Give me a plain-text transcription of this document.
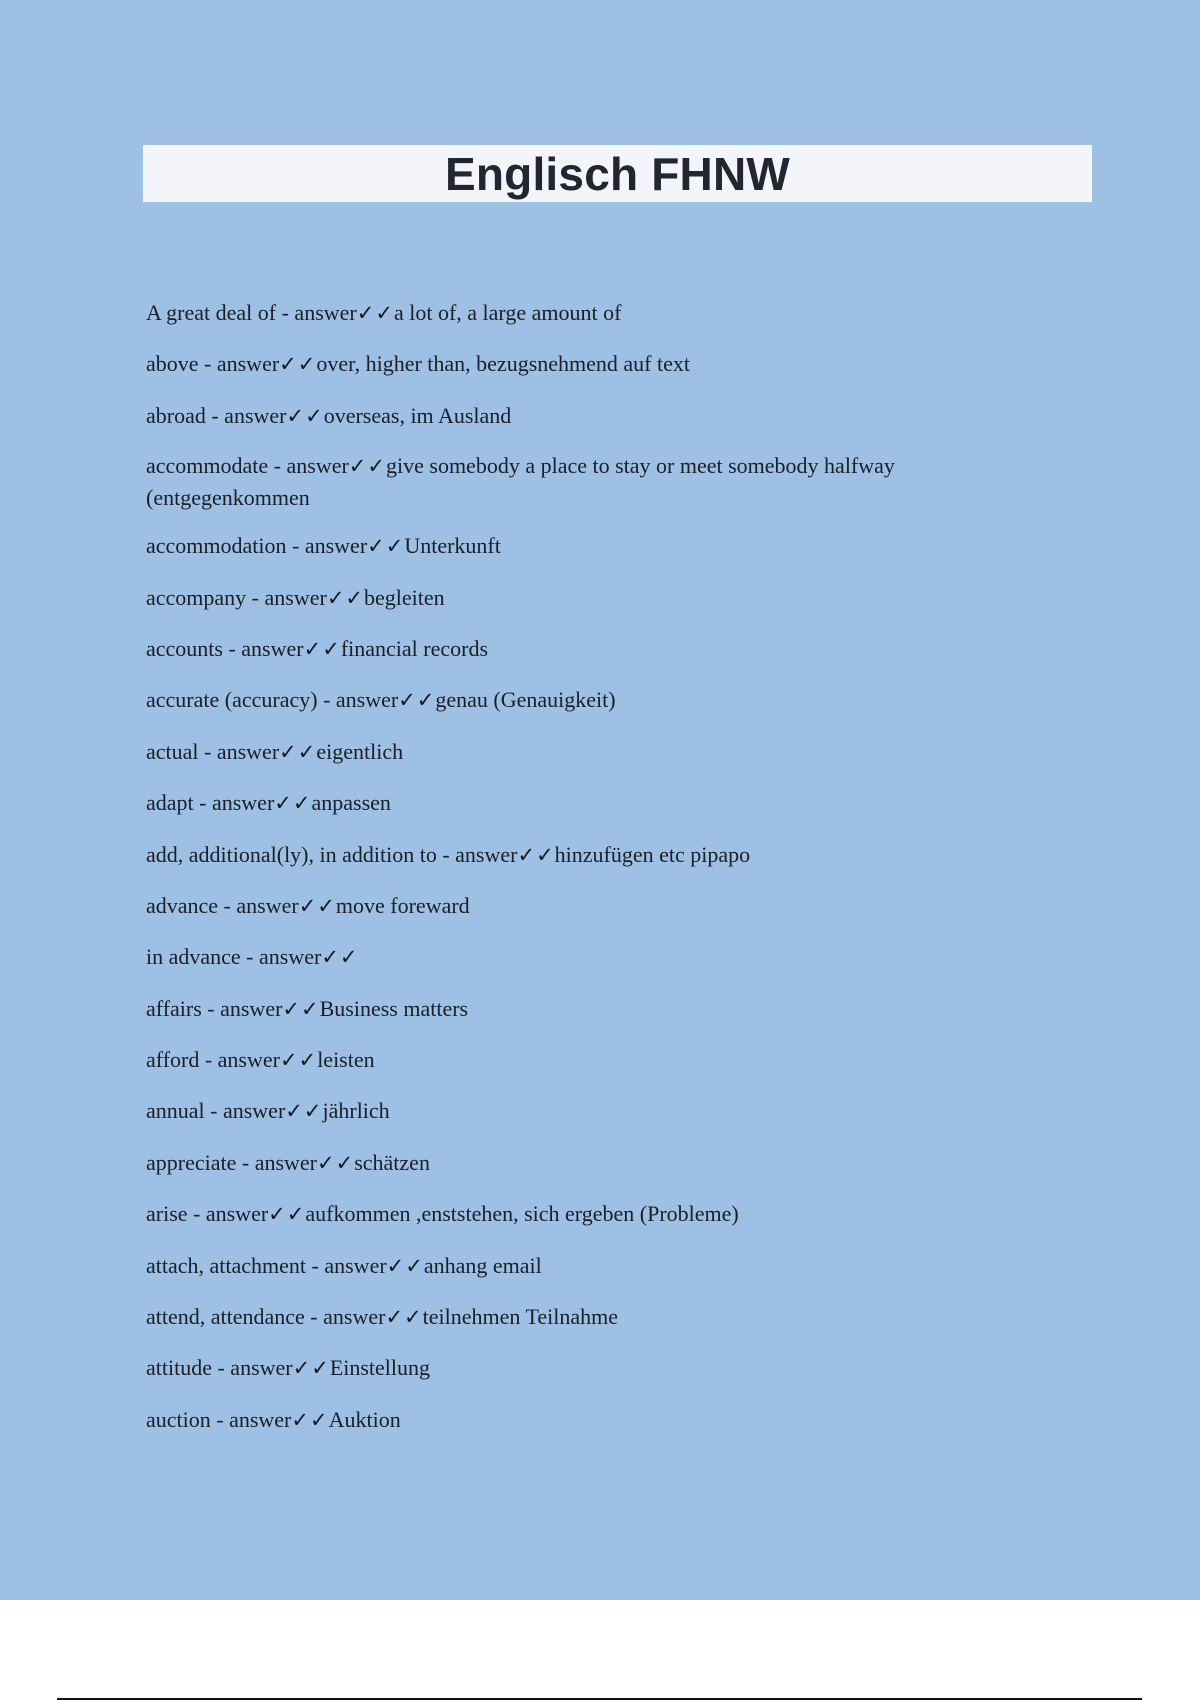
Englisch FHNW
A great deal of - answer✓✓a lot of, a large amount of
above - answer✓✓over, higher than, bezugsnehmend auf text
abroad - answer✓✓overseas, im Ausland
accommodate - answer✓✓give somebody a place to stay or meet somebody halfway (entgegenkommen
accommodation - answer✓✓Unterkunft
accompany - answer✓✓begleiten
accounts - answer✓✓financial records
accurate (accuracy) - answer✓✓genau (Genauigkeit)
actual - answer✓✓eigentlich
adapt - answer✓✓anpassen
add, additional(ly), in addition to - answer✓✓hinzufügen etc pipapo
advance - answer✓✓move foreward
in advance - answer✓✓
affairs - answer✓✓Business matters
afford - answer✓✓leisten
annual - answer✓✓jährlich
appreciate - answer✓✓schätzen
arise - answer✓✓aufkommen ,enststehen, sich ergeben (Probleme)
attach, attachment - answer✓✓anhang email
attend, attendance - answer✓✓teilnehmen Teilnahme
attitude - answer✓✓Einstellung
auction - answer✓✓Auktion
